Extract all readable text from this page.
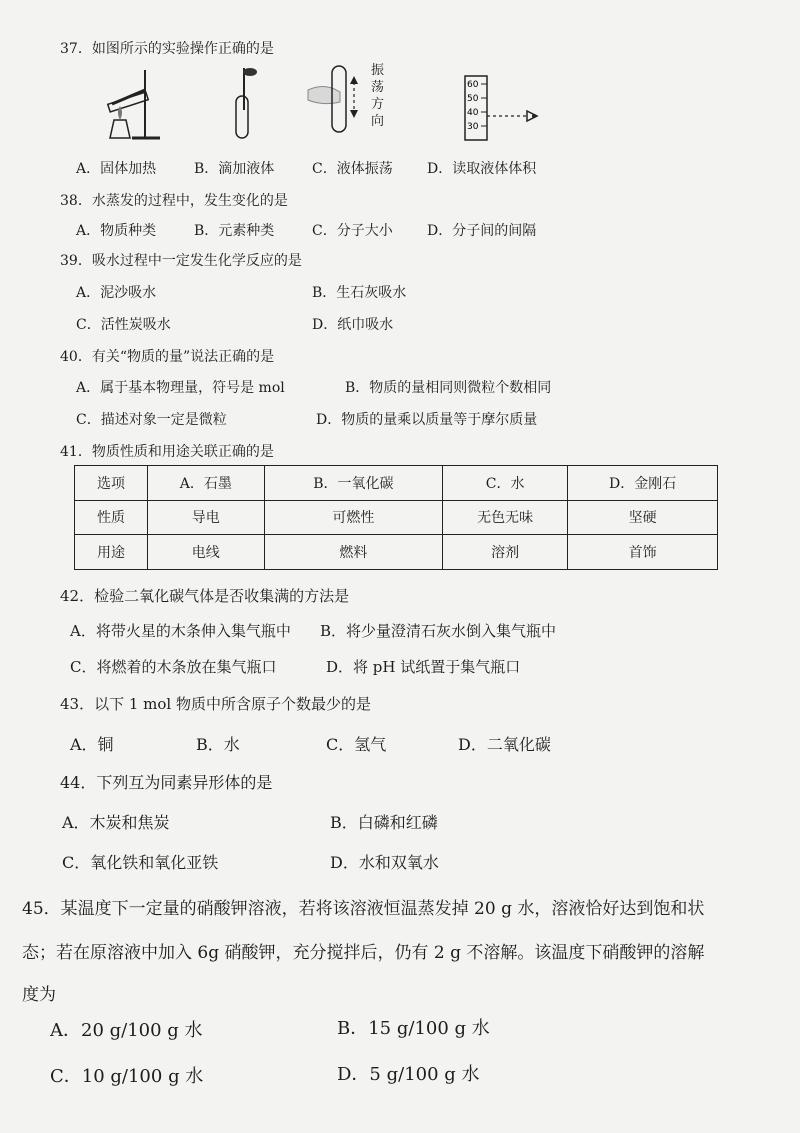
37．如图所示的实验操作正确的是
振荡方向
60
50
40
30
A．固体加热	B．滴加液体	C．液体振荡 D．读取液体体积
38．水蒸发的过程中，发生变化的是
A．物质种类	B．元素种类	C．分子大小 D．分子间的间隔
39．吸水过程中一定发生化学反应的是
A．泥沙吸水	B．生石灰吸水
C．活性炭吸水	D．纸巾吸水
40．有关“物质的量”说法正确的是
A．属于基本物理量，符号是 mol	B．物质的量相同则微粒个数相同
C．描述对象一定是微粒	D．物质的量乘以质量等于摩尔质量
41．物质性质和用途关联正确的是
选项	A．石墨	B．一氧化碳	C．水	D．金刚石
性质	导电	可燃性	无色无味	坚硬
用途	电线	燃料	溶剂	首饰
42．检验二氧化碳气体是否收集满的方法是
A．将带火星的木条伸入集气瓶中 B．将少量澄清石灰水倒入集气瓶中
C．将燃着的木条放在集气瓶口	D．将 pH 试纸置于集气瓶口
43．以下 1 mol 物质中所含原子个数最少的是
A．铜	B．水	C．氢气	D．二氧化碳
44．下列互为同素异形体的是
A．木炭和焦炭	B．白磷和红磷
C．氧化铁和氧化亚铁	D．水和双氧水
45．某温度下一定量的硝酸钾溶液，若将该溶液恒温蒸发掉 20 g 水，溶液恰好达到饱和状
态；若在原溶液中加入 6g 硝酸钾，充分搅拌后，仍有 2 g 不溶解。该温度下硝酸钾的溶解
度为
A．20 g/100 g 水	B．15 g/100 g 水
C．10 g/100 g 水	D．5 g/100 g 水
